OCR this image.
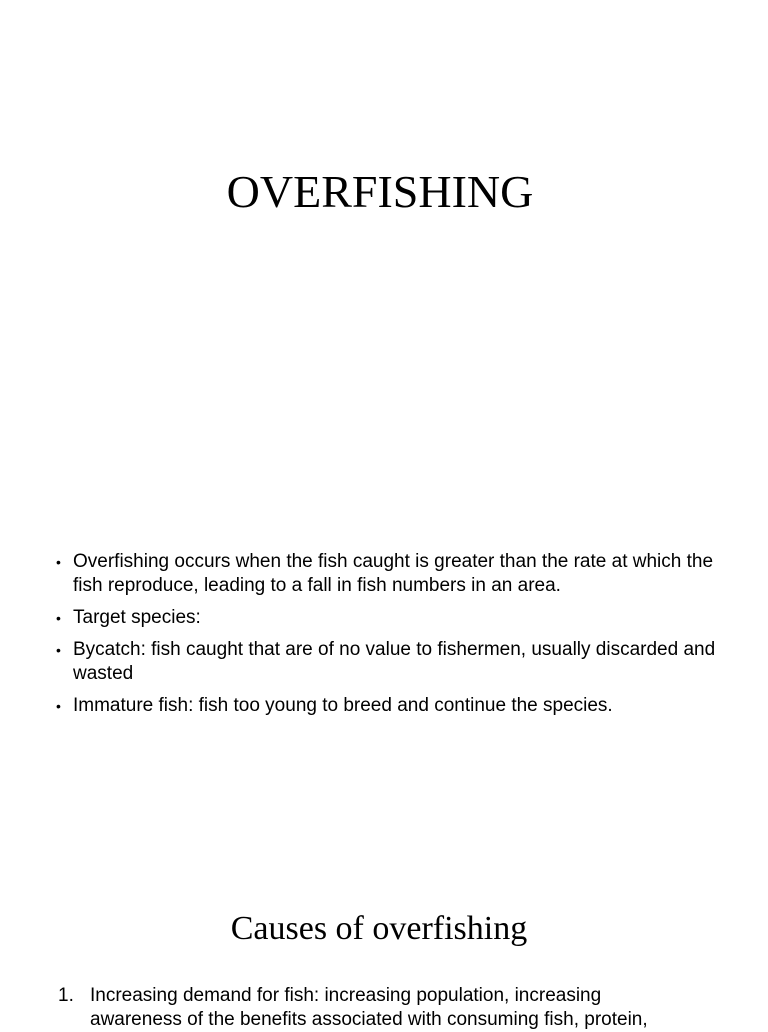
OVERFISHING
• Overfishing occurs when the fish caught is greater than the rate at which the fish reproduce, leading to a fall in fish numbers in an area.
• Target species:
• Bycatch: fish caught that are of no value to fishermen, usually discarded and wasted
• Immature fish: fish too young to breed and continue the species.
Causes of overfishing
1. Increasing demand for fish: increasing population, increasing awareness of the benefits associated with consuming fish, protein,
